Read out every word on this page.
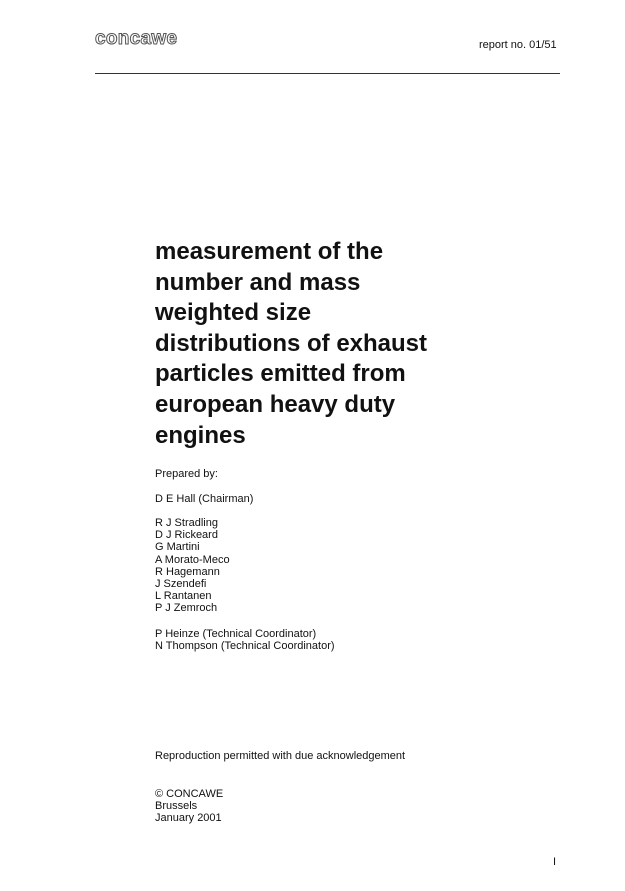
concawe	report no. 01/51
measurement of the
number and mass
weighted size
distributions of exhaust
particles emitted from
european heavy duty
engines
Prepared by:
D E Hall (Chairman)
R J Stradling
D J Rickeard
G Martini
A Morato-Meco
R Hagemann
J Szendefi
L Rantanen
P J Zemroch
P Heinze (Technical Coordinator)
N Thompson (Technical Coordinator)
Reproduction permitted with due acknowledgement
© CONCAWE
Brussels
January 2001
I
